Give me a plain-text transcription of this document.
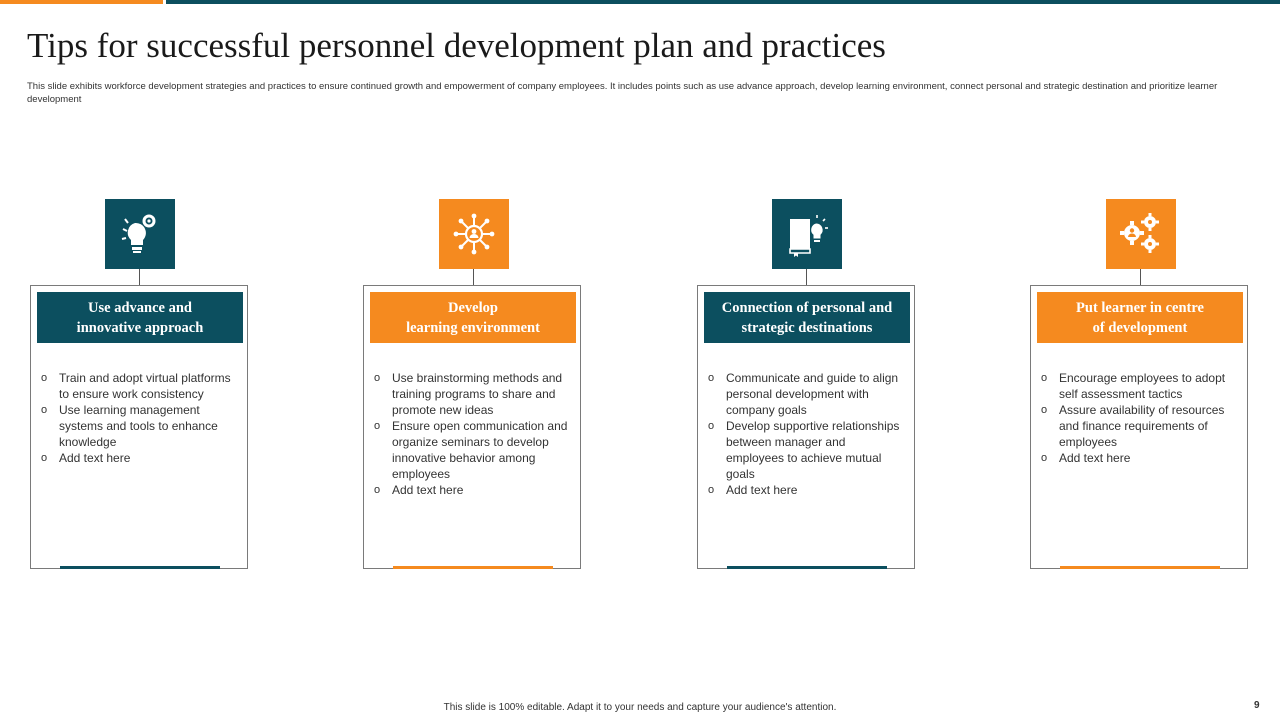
Tips for successful personnel development plan and practices
This slide exhibits workforce development strategies and practices to ensure continued growth and empowerment of company employees. It includes points such as use advance approach, develop learning environment, connect personal and strategic destination and prioritize learner development
Use advance and
innovative approach
o Train and adopt virtual platforms to ensure work consistency
o Use learning management systems and tools to enhance knowledge
o Add text here
Develop
learning environment
o Use brainstorming methods and training programs to share and promote new ideas
o Ensure open communication and organize seminars to develop innovative behavior among employees
o Add text here
Connection of personal and
strategic destinations
o Communicate and guide to align personal development with company goals
o Develop supportive relationships between manager and employees to achieve mutual goals
o Add text here
Put learner in centre
of development
o Encourage employees to adopt self assessment tactics
o Assure availability of resources and finance requirements of employees
o Add text here
This slide is 100% editable. Adapt it to your needs and capture your audience's attention.	9
